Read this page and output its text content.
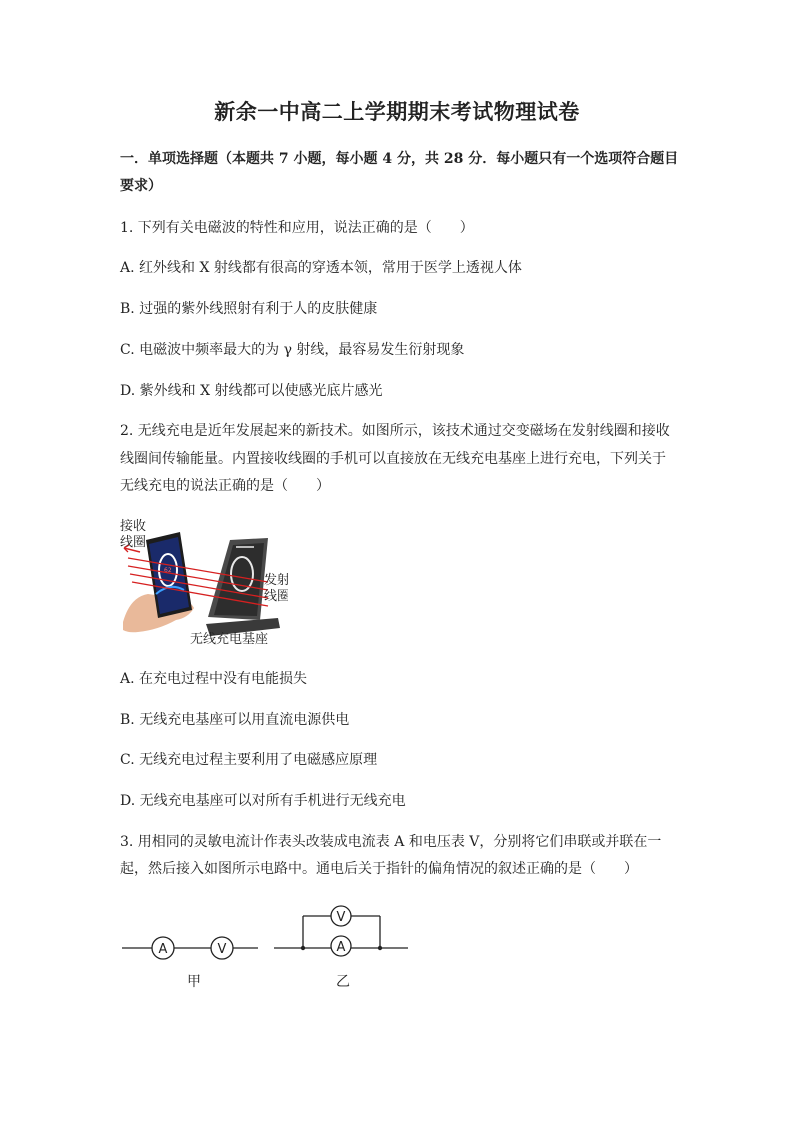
新余一中高二上学期期末考试物理试卷
一．单项选择题（本题共 7 小题，每小题 4 分，共 28 分．每小题只有一个选项符合题目
要求）
1. 下列有关电磁波的特性和应用，说法正确的是（　　）
A. 红外线和 X 射线都有很高的穿透本领，常用于医学上透视人体
B. 过强的紫外线照射有利于人的皮肤健康
C. 电磁波中频率最大的为 γ 射线，最容易发生衍射现象
D. 紫外线和 X 射线都可以使感光底片感光
2. 无线充电是近年发展起来的新技术。如图所示，该技术通过交变磁场在发射线圈和接收
线圈间传输能量。内置接收线圈的手机可以直接放在无线充电基座上进行充电，下列关于
无线充电的说法正确的是（　　）
62
接收
线圈
发射
线圈
无线充电基座
A. 在充电过程中没有电能损失
B. 无线充电基座可以用直流电源供电
C. 无线充电过程主要利用了电磁感应原理
D. 无线充电基座可以对所有手机进行无线充电
3. 用相同的灵敏电流计作表头改装成电流表 A 和电压表 V，分别将它们串联或并联在一
起，然后接入如图所示电路中。通电后关于指针的偏角情况的叙述正确的是（　　）
A	V
V
A
甲	乙
